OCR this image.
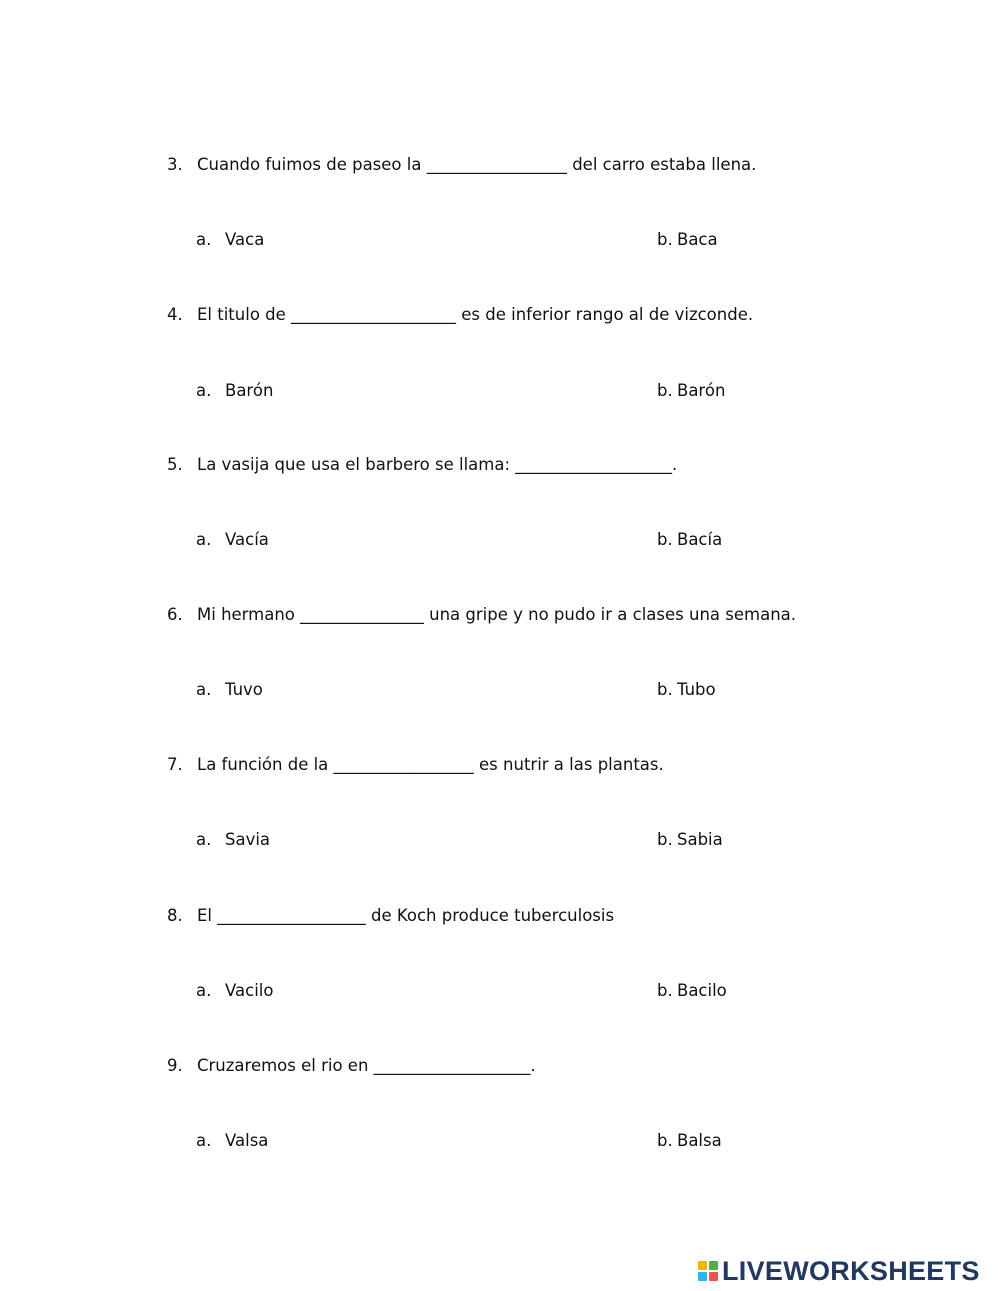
3. Cuando fuimos de paseo la _________________ del carro estaba llena.
a. Vaca	b. Baca
4. El titulo de ____________________ es de inferior rango al de vizconde.
a. Barón	b. Barón
5. La vasija que usa el barbero se llama: ___________________.
a. Vacía	b. Bacía
6. Mi hermano _______________ una gripe y no pudo ir a clases una semana.
a. Tuvo	b. Tubo
7. La función de la _________________ es nutrir a las plantas.
a. Savia	b. Sabia
8. El __________________ de Koch produce tuberculosis
a. Vacilo	b. Bacilo
9. Cruzaremos el rio en ___________________.
a. Valsa	b. Balsa
LIVEWORKSHEETS
